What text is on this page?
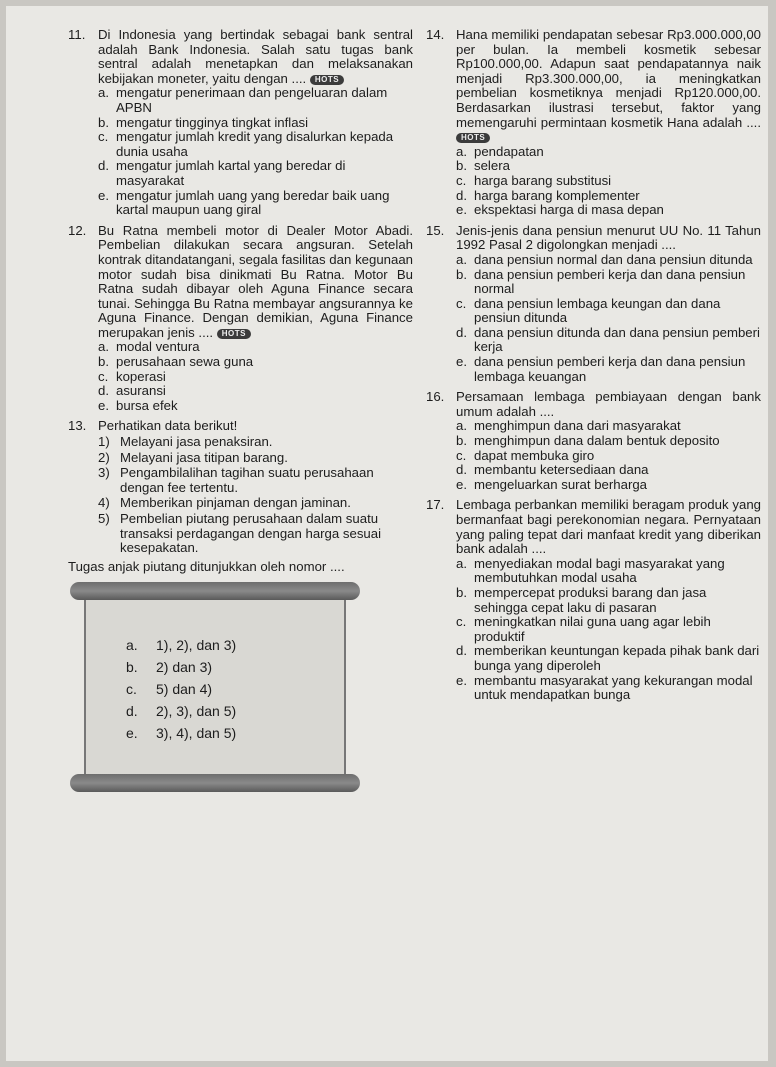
11. Di Indonesia yang bertindak sebagai bank sentral adalah Bank Indonesia. Salah satu tugas bank sentral adalah menetapkan dan melaksanakan kebijakan moneter, yaitu dengan .... HOTS

a. mengatur penerimaan dan pengeluaran dalam APBN
b. mengatur tingginya tingkat inflasi
c. mengatur jumlah kredit yang disalurkan kepada dunia usaha
d. mengatur jumlah kartal yang beredar di masyarakat
e. mengatur jumlah uang yang beredar baik uang kartal maupun uang giral
12. Bu Ratna membeli motor di Dealer Motor Abadi. Pembelian dilakukan secara angsuran. Setelah kontrak ditandatangani, segala fasilitas dan kegunaan motor sudah bisa dinikmati Bu Ratna. Motor Bu Ratna sudah dibayar oleh Aguna Finance secara tunai. Sehingga Bu Ratna membayar angsurannya ke Aguna Finance. Dengan demikian, Aguna Finance merupakan jenis .... HOTS

a. modal ventura
b. perusahaan sewa guna
c. koperasi
d. asuransi
e. bursa efek
13. Perhatikan data berikut!

1) Melayani jasa penaksiran.
2) Melayani jasa titipan barang.
3) Pengambilalihan tagihan suatu perusahaan dengan fee tertentu.
4) Memberikan pinjaman dengan jaminan.
5) Pembelian piutang perusahaan dalam suatu transaksi perdagangan dengan harga sesuai kesepakatan.

Tugas anjak piutang ditunjukkan oleh nomor ....

a. 1), 2), dan 3)
b. 2) dan 3)
c. 5) dan 4)
d. 2), 3), dan 5)
e. 3), 4), dan 5)
14. Hana memiliki pendapatan sebesar Rp3.000.000,00 per bulan. Ia membeli kosmetik sebesar Rp100.000,00. Adapun saat pendapatannya naik menjadi Rp3.300.000,00, ia meningkatkan pembelian kosmetiknya menjadi Rp120.000,00. Berdasarkan ilustrasi tersebut, faktor yang memengaruhi permintaan kosmetik Hana adalah .... HOTS

a. pendapatan
b. selera
c. harga barang substitusi
d. harga barang komplementer
e. ekspektasi harga di masa depan
15. Jenis-jenis dana pensiun menurut UU No. 11 Tahun 1992 Pasal 2 digolongkan menjadi ....

a. dana pensiun normal dan dana pensiun ditunda
b. dana pensiun pemberi kerja dan dana pensiun normal
c. dana pensiun lembaga keungan dan dana pensiun ditunda
d. dana pensiun ditunda dan dana pensiun pemberi kerja
e. dana pensiun pemberi kerja dan dana pensiun lembaga keuangan
16. Persamaan lembaga pembiayaan dengan bank umum adalah ....

a. menghimpun dana dari masyarakat
b. menghimpun dana dalam bentuk deposito
c. dapat membuka giro
d. membantu ketersediaan dana
e. mengeluarkan surat berharga
17. Lembaga perbankan memiliki beragam produk yang bermanfaat bagi perekonomian negara. Pernyataan yang paling tepat dari manfaat kredit yang diberikan bank adalah ....

a. menyediakan modal bagi masyarakat yang membutuhkan modal usaha
b. mempercepat produksi barang dan jasa sehingga cepat laku di pasaran
c. meningkatkan nilai guna uang agar lebih produktif
d. memberikan keuntungan kepada pihak bank dari bunga yang diperoleh
e. membantu masyarakat yang kekurangan modal untuk mendapatkan bunga
